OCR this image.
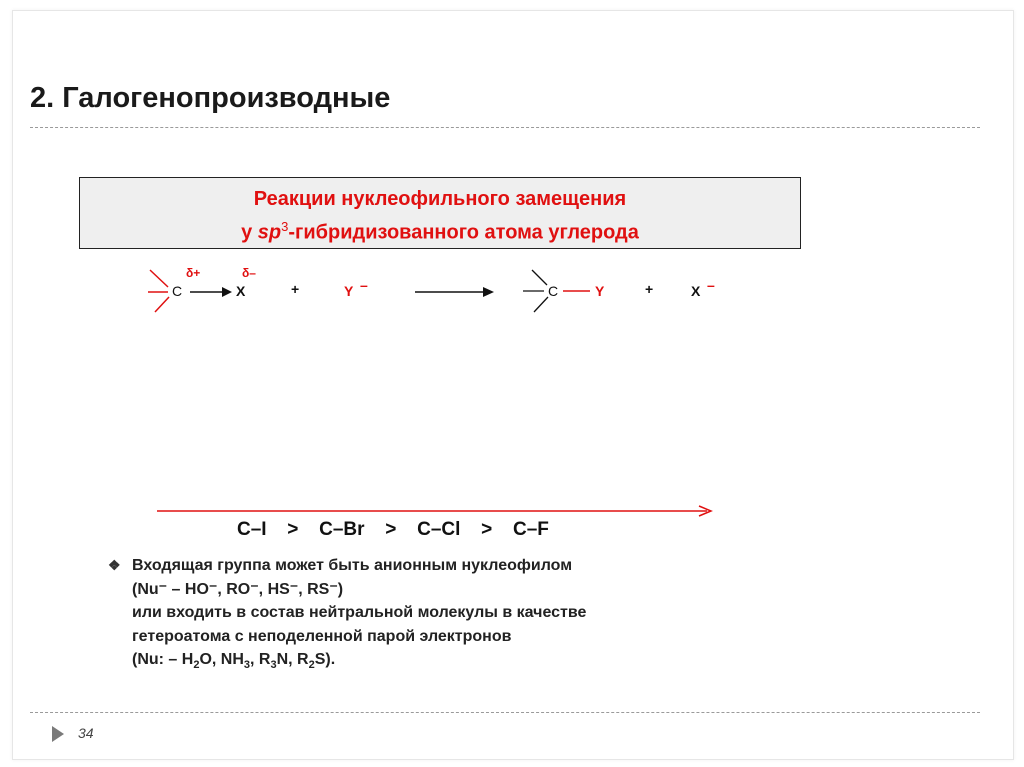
2. Галогенопроизводные
Реакции нуклеофильного замещения
у $sp^3$-гибридизованного атома углерода
δ+	δ–
C	X	+	Y –	C	Y	+	X –
C–I > C–Br > C–Cl > C–F
❖ Входящая группа может быть анионным нуклеофилом
(Nu⁻ – HO⁻, RO⁻, HS⁻, RS⁻)
или входить в состав нейтральной молекулы в качестве
гетероатома с неподеленной парой электронов
(Nu: – $H_2O$, $NH_3$, $R_3N$, $R_2S$).
34
